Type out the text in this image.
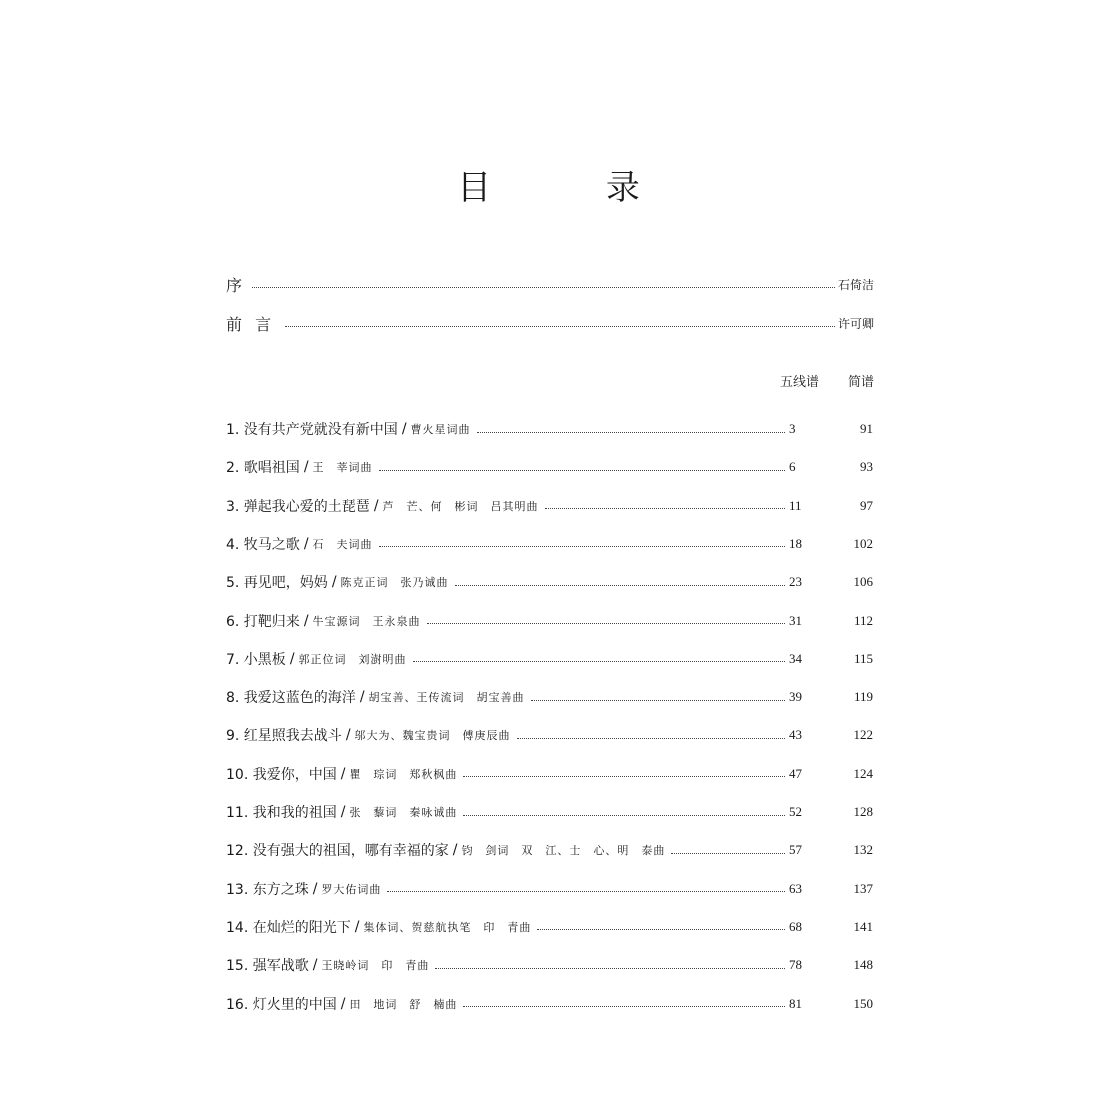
目 录
序	石倚洁
前 言	许可卿
五线谱 简谱
1. 没有共产党就没有新中国 / 曹火星词曲	3	91
2. 歌唱祖国 / 王　莘词曲	6	93
3. 弹起我心爱的土琵琶 / 芦　芒、何　彬词　吕其明曲	11	97
4. 牧马之歌 / 石　夫词曲	18	102
5. 再见吧，妈妈 / 陈克正词　张乃诚曲	23	106
6. 打靶归来 / 牛宝源词　王永泉曲	31	112
7. 小黑板 / 郭正位词　刘澍明曲	34	115
8. 我爱这蓝色的海洋 / 胡宝善、王传流词　胡宝善曲	39	119
9. 红星照我去战斗 / 邬大为、魏宝贵词　傅庚辰曲	43	122
10. 我爱你，中国 / 瞿　琮词　郑秋枫曲	47	124
11. 我和我的祖国 / 张　藜词　秦咏诚曲	52	128
12. 没有强大的祖国，哪有幸福的家 / 钧　剑词　双　江、士　心、明　泰曲	57	132
13. 东方之珠 / 罗大佑词曲	63	137
14. 在灿烂的阳光下 / 集体词、贺慈航执笔　印　青曲	68	141
15. 强军战歌 / 王晓岭词　印　青曲	78	148
16. 灯火里的中国 / 田　地词　舒　楠曲	81	150
